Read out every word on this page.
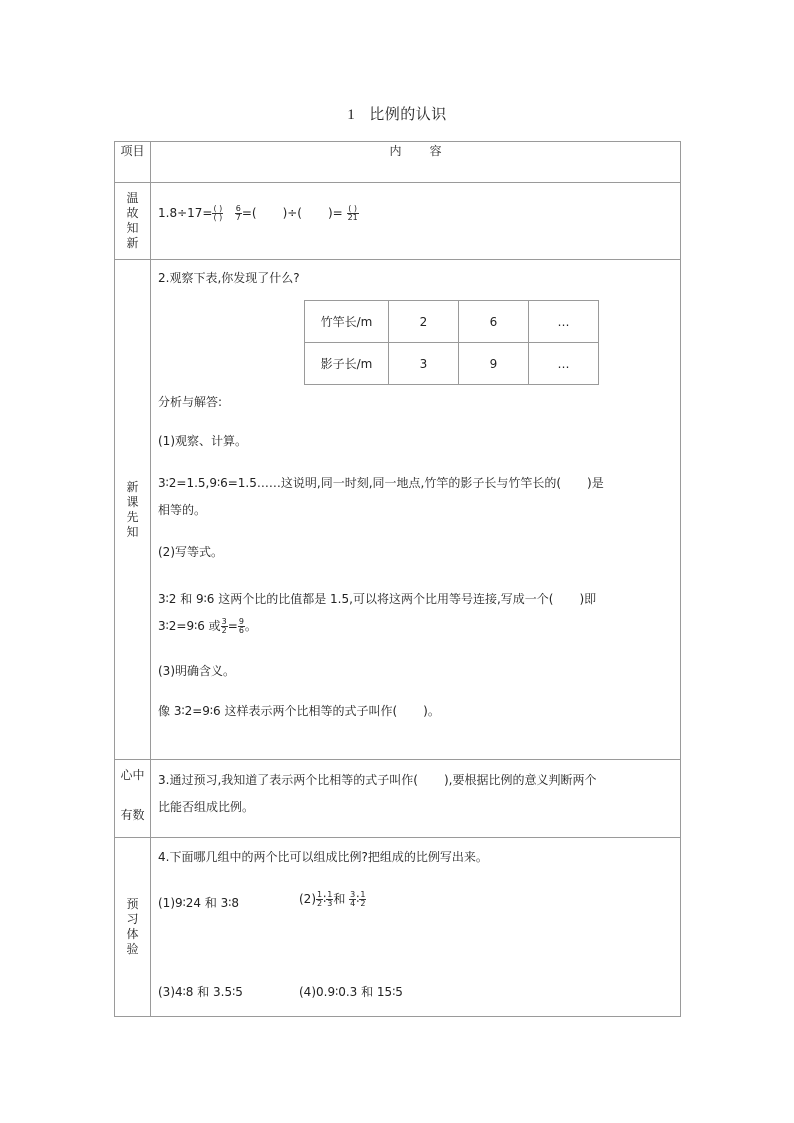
1 比例的认识
项目	内 容

温
故
知
新

$1.8\div 17= \frac{( )}{( )}$
$\frac{6}{7}$ =( )÷( )= $\frac{( )}{21}$

新
课
先
知

2.观察下表,你发现了什么?
竹竿长/m	2	6	…
影子长/m	3	9	…
分析与解答:
(1)观察、计算。
3∶2=1.5,9∶6=1.5……这说明,同一时刻,同一地点,竹竿的影子长与竹竿长的( )是
相等的。
(2)写等式。
3∶2 和 9∶6 这两个比的比值都是 1.5,可以将这两个比用等号连接,写成一个( )即
3∶2=9∶6 或 $\frac{3}{2} = \frac{9}{6}$ 。
(3)明确含义。
像 3∶2=9∶6 这样表示两个比相等的式子叫作( )。

心中
有数

3.通过预习,我知道了表示两个比相等的式子叫作( ),要根据比例的意义判断两个
比能否组成比例。

预
习
体
验

4.下面哪几组中的两个比可以组成比例?把组成的比例写出来。
(1)9∶24 和 3∶8	$(2) \frac{1}{2}$ ∶ $\frac{1}{3}$ 和 $\frac{3}{4}$ ∶ $\frac{1}{2}$
(3)4∶8 和 3.5∶5	(4)0.9∶0.3 和 15∶5
